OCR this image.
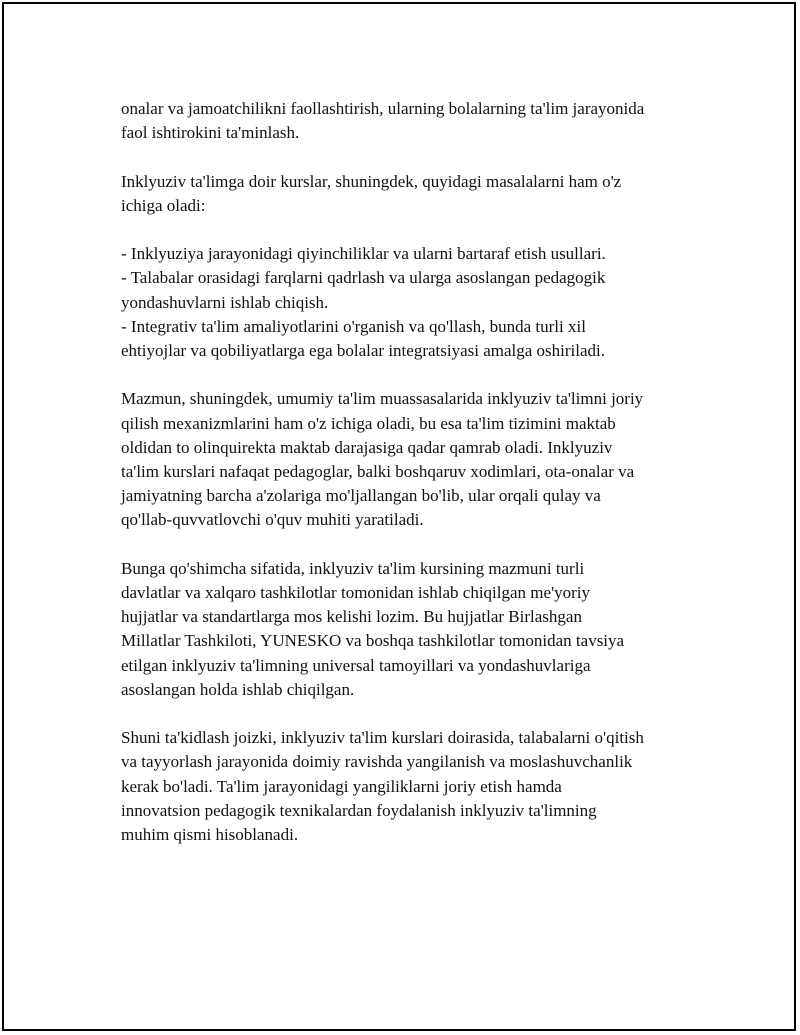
onalar va jamoatchilikni faollashtirish, ularning bolalarning ta'lim jarayonida
faol ishtirokini ta'minlash.

Inklyuziv ta'limga doir kurslar, shuningdek, quyidagi masalalarni ham o'z
ichiga oladi:

- Inklyuziya jarayonidagi qiyinchiliklar va ularni bartaraf etish usullari.
- Talabalar orasidagi farqlarni qadrlash va ularga asoslangan pedagogik
yondashuvlarni ishlab chiqish.
- Integrativ ta'lim amaliyotlarini o'rganish va qo'llash, bunda turli xil
ehtiyojlar va qobiliyatlarga ega bolalar integratsiyasi amalga oshiriladi.

Mazmun, shuningdek, umumiy ta'lim muassasalarida inklyuziv ta'limni joriy
qilish mexanizmlarini ham o'z ichiga oladi, bu esa ta'lim tizimini maktab
oldidan to olinquirekta maktab darajasiga qadar qamrab oladi. Inklyuziv
ta'lim kurslari nafaqat pedagoglar, balki boshqaruv xodimlari, ota-onalar va
jamiyatning barcha a'zolariga mo'ljallangan bo'lib, ular orqali qulay va
qo'llab-quvvatlovchi o'quv muhiti yaratiladi.

Bunga qo'shimcha sifatida, inklyuziv ta'lim kursining mazmuni turli
davlatlar va xalqaro tashkilotlar tomonidan ishlab chiqilgan me'yoriy
hujjatlar va standartlarga mos kelishi lozim. Bu hujjatlar Birlashgan
Millatlar Tashkiloti, YUNESKO va boshqa tashkilotlar tomonidan tavsiya
etilgan inklyuziv ta'limning universal tamoyillari va yondashuvlariga
asoslangan holda ishlab chiqilgan.

Shuni ta'kidlash joizki, inklyuziv ta'lim kurslari doirasida, talabalarni o'qitish
va tayyorlash jarayonida doimiy ravishda yangilanish va moslashuvchanlik
kerak bo'ladi. Ta'lim jarayonidagi yangiliklarni joriy etish hamda
innovatsion pedagogik texnikalardan foydalanish inklyuziv ta'limning
muhim qismi hisoblanadi.
